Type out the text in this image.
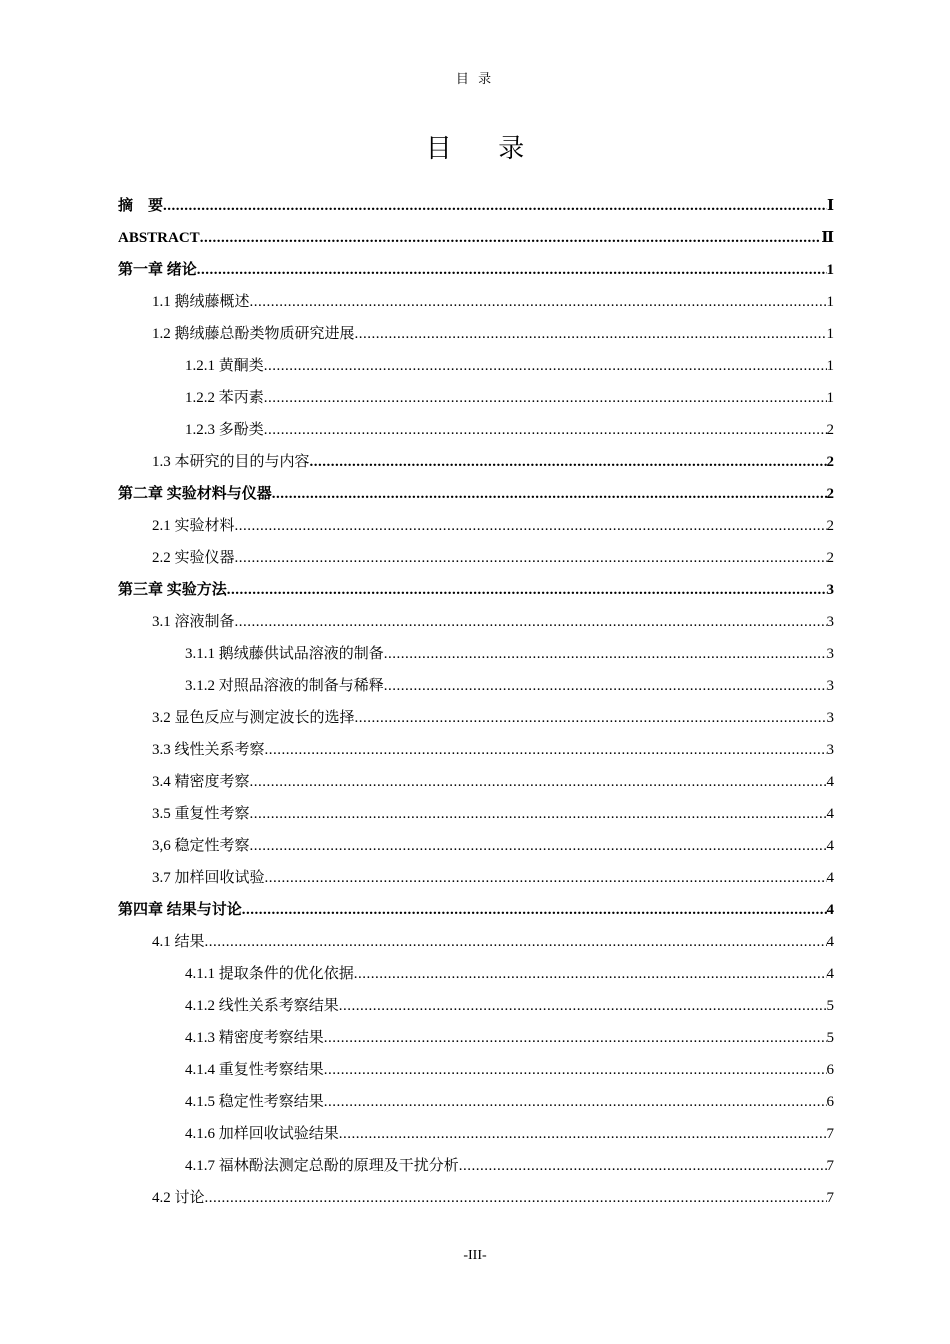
目 录
目 录
摘　要 .....	Ⅰ
ABSTRACT .....	Ⅱ
第一章 绪论 .....	1
1.1 鹅绒藤概述 .....	1
1.2 鹅绒藤总酚类物质研究进展 .....	1
1.2.1 黄酮类 .....	1
1.2.2 苯丙素 .....	1
1.2.3 多酚类 .....	2
1.3 本研究的目的与内容 .....	2
第二章 实验材料与仪器 .....	2
2.1 实验材料 .....	2
2.2 实验仪器 .....	2
第三章 实验方法 .....	3
3.1 溶液制备 .....	3
3.1.1 鹅绒藤供试品溶液的制备 .....	3
3.1.2 对照品溶液的制备与稀释 .....	3
3.2 显色反应与测定波长的选择 .....	3
3.3 线性关系考察 .....	3
3.4 精密度考察 .....	4
3.5 重复性考察 .....	4
3,6 稳定性考察 .....	4
3.7 加样回收试验 .....	4
第四章 结果与讨论 .....	4
4.1 结果 .....	4
4.1.1 提取条件的优化依据 .....	4
4.1.2 线性关系考察结果 .....	5
4.1.3 精密度考察结果 .....	5
4.1.4 重复性考察结果 .....	6
4.1.5 稳定性考察结果 .....	6
4.1.6 加样回收试验结果 .....	7
4.1.7 福林酚法测定总酚的原理及干扰分析 .....	7
4.2 讨论 .....	7
-III-
